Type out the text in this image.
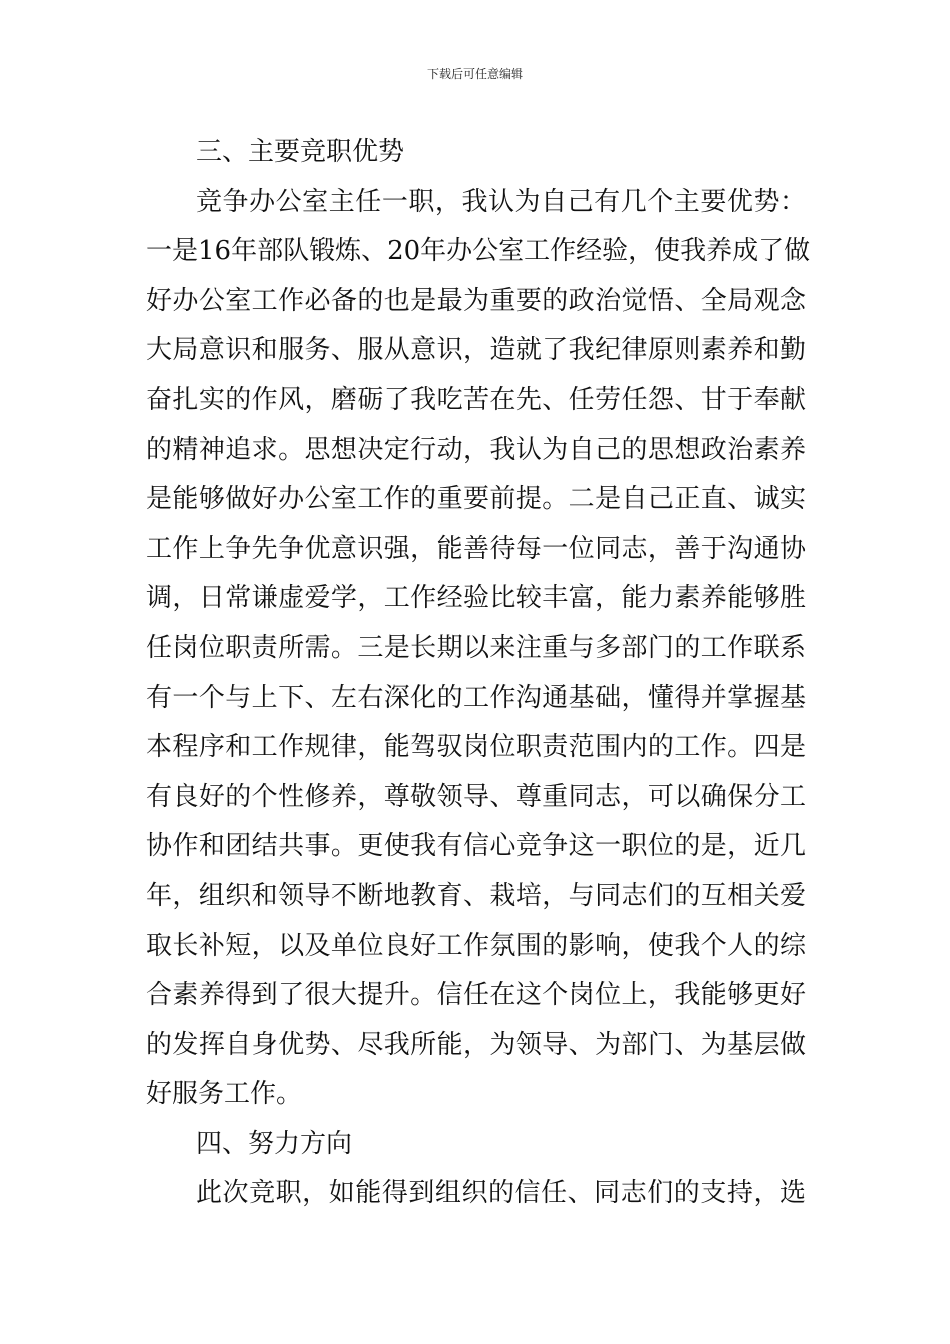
下载后可任意编辑
三、主要竞职优势
竞争办公室主任一职，我认为自己有几个主要优势：
一是16年部队锻炼、20年办公室工作经验，使我养成了做
好办公室工作必备的也是最为重要的政治觉悟、全局观念
大局意识和服务、服从意识，造就了我纪律原则素养和勤
奋扎实的作风，磨砺了我吃苦在先、任劳任怨、甘于奉献
的精神追求。思想决定行动，我认为自己的思想政治素养
是能够做好办公室工作的重要前提。二是自己正直、诚实
工作上争先争优意识强，能善待每一位同志，善于沟通协
调，日常谦虚爱学，工作经验比较丰富，能力素养能够胜
任岗位职责所需。三是长期以来注重与多部门的工作联系
有一个与上下、左右深化的工作沟通基础，懂得并掌握基
本程序和工作规律，能驾驭岗位职责范围内的工作。四是
有良好的个性修养，尊敬领导、尊重同志，可以确保分工
协作和团结共事。更使我有信心竞争这一职位的是，近几
年，组织和领导不断地教育、栽培，与同志们的互相关爱
取长补短，以及单位良好工作氛围的影响，使我个人的综
合素养得到了很大提升。信任在这个岗位上，我能够更好
的发挥自身优势、尽我所能，为领导、为部门、为基层做
好服务工作。
四、努力方向
此次竞职，如能得到组织的信任、同志们的支持，选
